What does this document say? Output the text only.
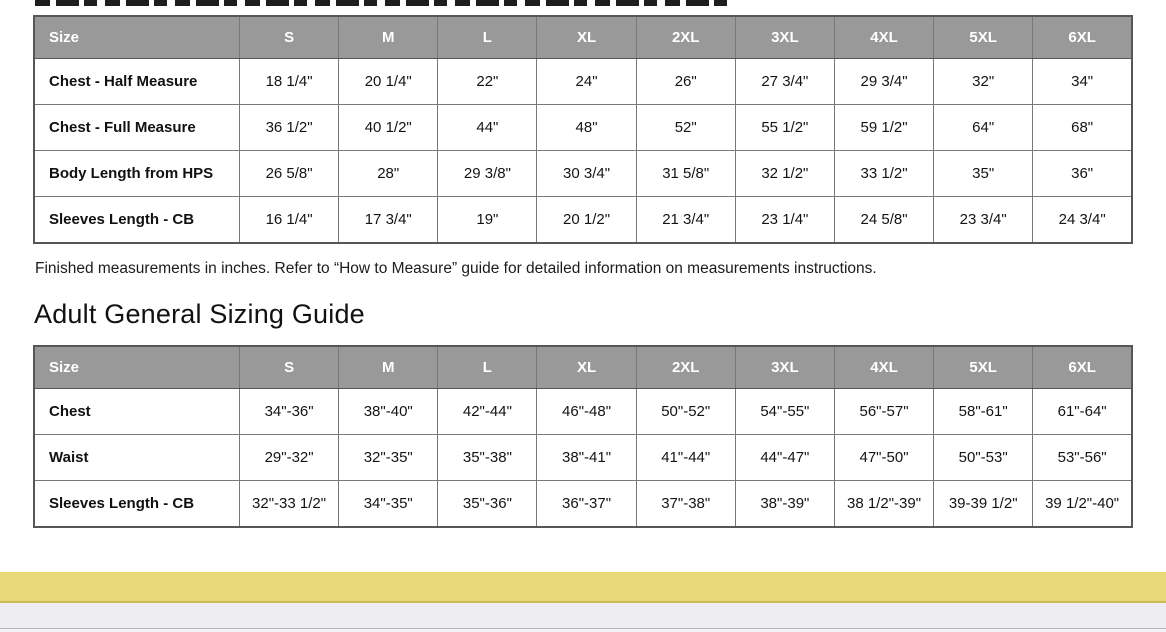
Size	S	M	L	XL	2XL	3XL	4XL	5XL	6XL
Chest - Half Measure	18 1/4"	20 1/4"	22"	24"	26"	27 3/4"	29 3/4"	32"	34"
Chest - Full Measure	36 1/2"	40 1/2"	44"	48"	52"	55 1/2"	59 1/2"	64"	68"
Body Length from HPS	26 5/8"	28"	29 3/8"	30 3/4"	31 5/8"	32 1/2"	33 1/2"	35"	36"
Sleeves Length - CB	16 1/4"	17 3/4"	19"	20 1/2"	21 3/4"	23 1/4"	24 5/8"	23 3/4"	24 3/4"
Finished measurements in inches. Refer to “How to Measure” guide for detailed information on measurements instructions.
Adult General Sizing Guide
Size	S	M	L	XL	2XL	3XL	4XL	5XL	6XL
Chest	34"-36"	38"-40"	42"-44"	46"-48"	50"-52"	54"-55"	56"-57"	58"-61"	61"-64"
Waist	29"-32"	32"-35"	35"-38"	38"-41"	41"-44"	44"-47"	47"-50"	50"-53"	53"-56"
Sleeves Length - CB	32"-33 1/2"	34"-35"	35"-36"	36"-37"	37"-38"	38"-39"	38 1/2"-39"	39-39 1/2"	39 1/2"-40"
